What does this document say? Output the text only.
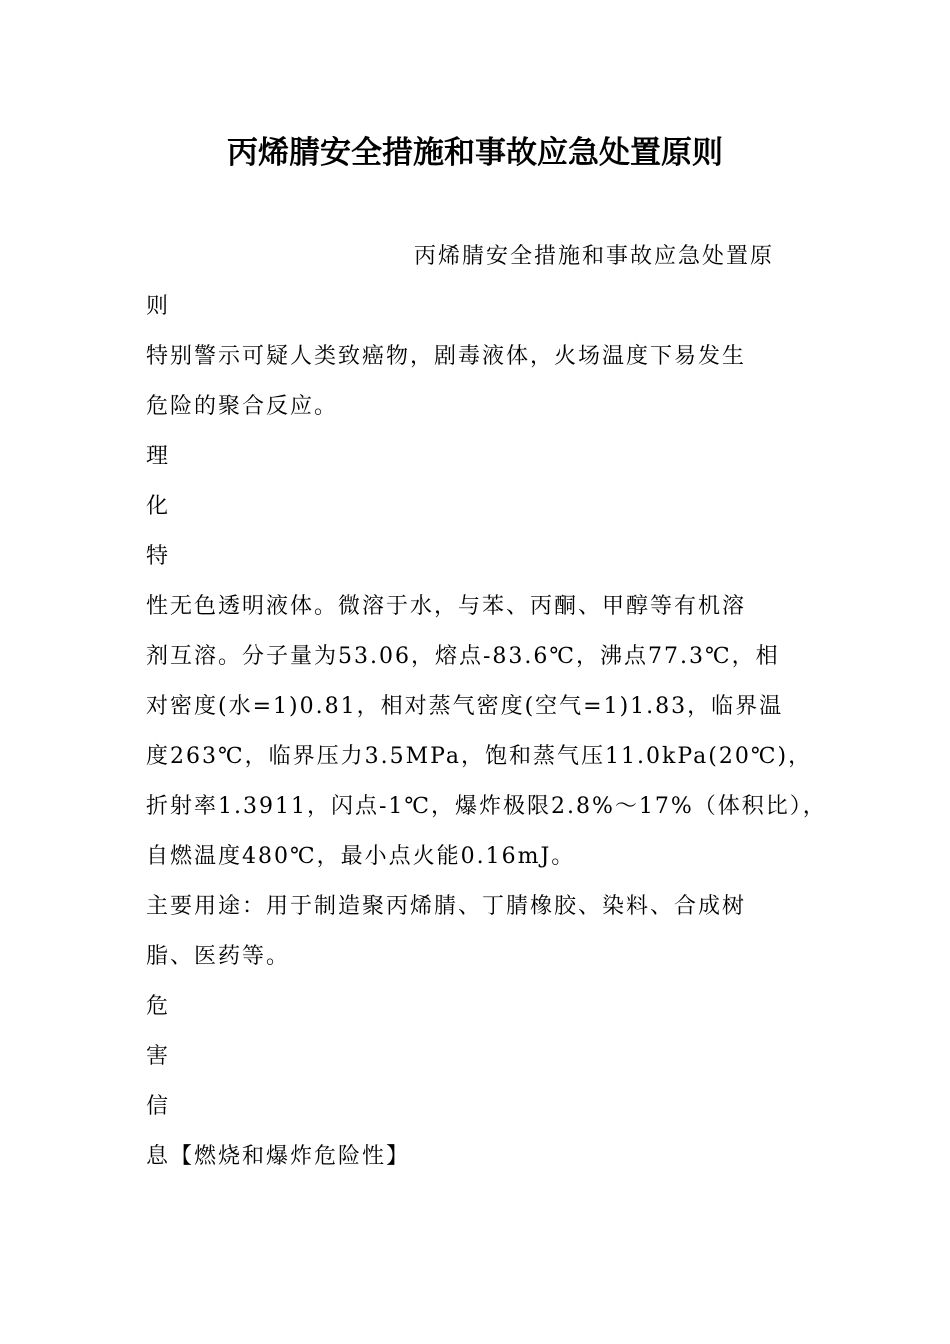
丙烯腈安全措施和事故应急处置原则
丙烯腈安全措施和事故应急处置原
则
特别警示可疑人类致癌物，剧毒液体，火场温度下易发生
危险的聚合反应。
理
化
特
性无色透明液体。微溶于水，与苯、丙酮、甲醇等有机溶
剂互溶。分子量为53.06，熔点-83.6℃，沸点77.3℃，相
对密度(水=1)0.81，相对蒸气密度(空气=1)1.83，临界温
度263℃，临界压力3.5MPa，饱和蒸气压11.0kPa(20℃)，
折射率1.3911，闪点-1℃，爆炸极限2.8%～17%（体积比），
自燃温度480℃，最小点火能0.16mJ。
主要用途：用于制造聚丙烯腈、丁腈橡胶、染料、合成树
脂、医药等。
危
害
信
息【燃烧和爆炸危险性】
